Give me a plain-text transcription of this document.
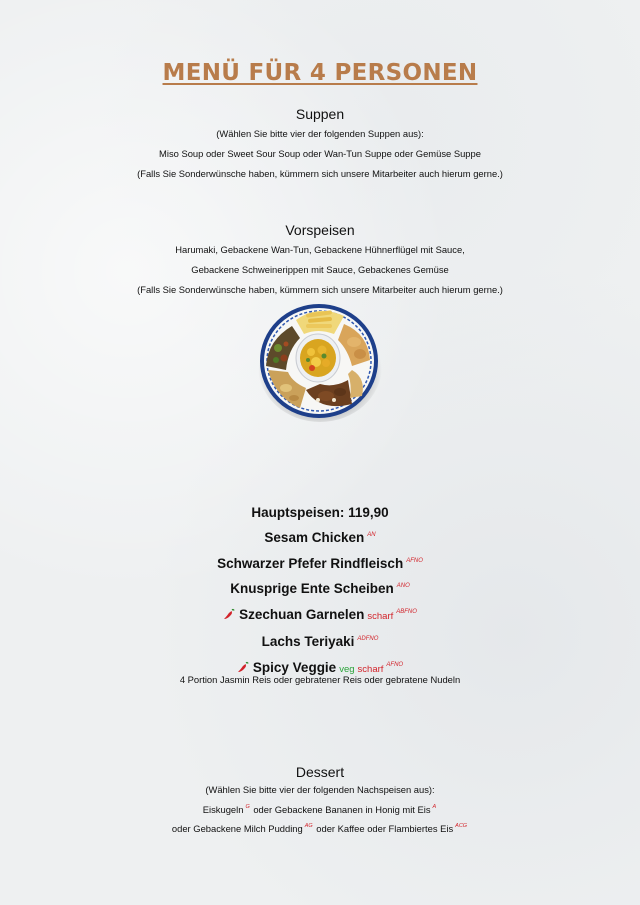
MENÜ FÜR 4 PERSONEN
Suppen
(Wählen Sie bitte vier der folgenden Suppen aus):
Miso Soup oder Sweet Sour Soup oder Wan-Tun Suppe oder Gemüse Suppe
(Falls Sie Sonderwünsche haben, kümmern sich unsere Mitarbeiter auch hierum gerne.)
Vorspeisen
Harumaki, Gebackene Wan-Tun, Gebackene Hühnerflügel mit Sauce,
Gebackene Schweinerippen mit Sauce, Gebackenes Gemüse
(Falls Sie Sonderwünsche haben, kümmern sich unsere Mitarbeiter auch hierum gerne.)
Hauptspeisen: 119,90
Sesam Chicken $^{AN}$
Schwarzer Pfefer Rindfleisch $^{AFNO}$
Knusprige Ente Scheiben $^{ANO}$
Szechuan Garnelen scharf $^{ABFNO}$
Lachs Teriyaki $^{ADFNO}$
Spicy Veggie veg scharf $^{AFNO}$
4 Portion Jasmin Reis oder gebratener Reis oder gebratene Nudeln
Dessert
(Wählen Sie bitte vier der folgenden Nachspeisen aus):
Eiskugeln $^G$ oder Gebackene Bananen in Honig mit Eis $^A$
oder Gebackene Milch Pudding $^{AG}$ oder Kaffee oder Flambiertes Eis $^{ACG}$
